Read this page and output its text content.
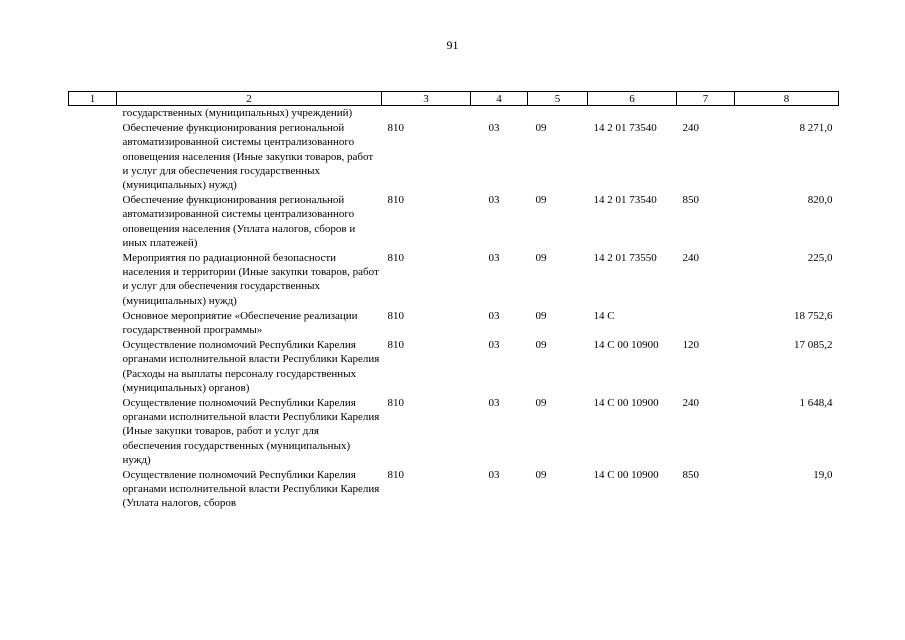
91
1	2	3	4	5	6	7	8
	государственных (муниципальных) учреждений)						
	Обеспечение функционирования региональной автоматизированной системы централизованного оповещения населения (Иные закупки товаров, работ и услуг для обеспечения государственных (муниципальных) нужд)	810	03	09	14 2 01 73540	240	8 271,0
	Обеспечение функционирования региональной автоматизированной системы централизованного оповещения населения (Уплата налогов, сборов и иных платежей)	810	03	09	14 2 01 73540	850	820,0
	Мероприятия по радиационной безопасности населения и территории (Иные закупки товаров, работ и услуг для обеспечения государственных (муниципальных) нужд)	810	03	09	14 2 01 73550	240	225,0
	Основное мероприятие «Обеспечение реализации государственной программы»	810	03	09	14 С		18 752,6
	Осуществление полномочий Республики Карелия органами исполнительной власти Республики Карелия (Расходы на выплаты персоналу государственных (муниципальных) органов)	810	03	09	14 С 00 10900	120	17 085,2
	Осуществление полномочий Республики Карелия органами исполнительной власти Республики Карелия (Иные закупки товаров, работ и услуг для обеспечения государственных (муниципальных) нужд)	810	03	09	14 С 00 10900	240	1 648,4
	Осуществление полномочий Республики Карелия органами исполнительной власти Республики Карелия (Уплата налогов, сборов	810	03	09	14 С 00 10900	850	19,0
